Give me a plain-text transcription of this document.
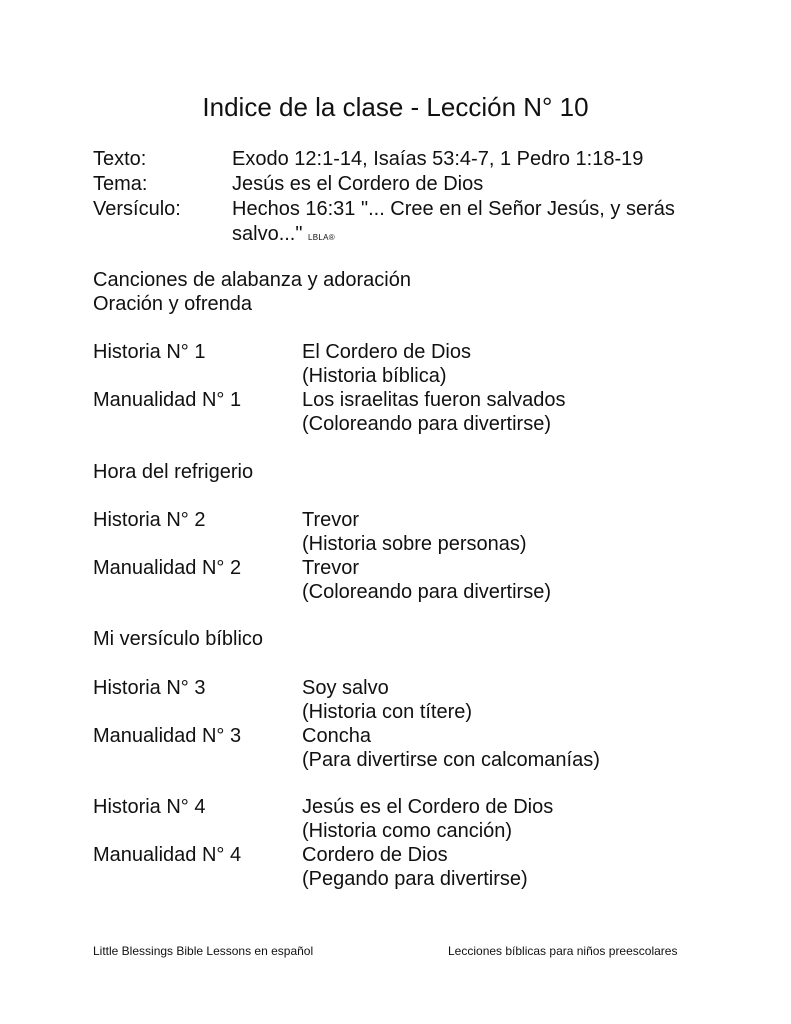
Indice de la clase - Lección N° 10
Texto:	Exodo 12:1-14, Isaías 53:4-7, 1 Pedro 1:18-19
Tema:	Jesús es el Cordero de Dios
Versículo:	Hechos 16:31 "... Cree en el Señor Jesús, y serás
salvo..." LBLA®
Canciones de alabanza y adoración
Oración y ofrenda
Historia N° 1	El Cordero de Dios
(Historia bíblica)
Manualidad N° 1	Los israelitas fueron salvados
(Coloreando para divertirse)
Hora del refrigerio
Historia N° 2	Trevor
(Historia sobre personas)
Manualidad N° 2	Trevor
(Coloreando para divertirse)
Mi versículo bíblico
Historia N° 3	Soy salvo
(Historia con títere)
Manualidad N° 3	Concha
(Para divertirse con calcomanías)
Historia N° 4	Jesús es el Cordero de Dios
(Historia como canción)
Manualidad N° 4	Cordero de Dios
(Pegando para divertirse)
Little Blessings Bible Lessons en español	Lecciones bíblicas para niños preescolares
